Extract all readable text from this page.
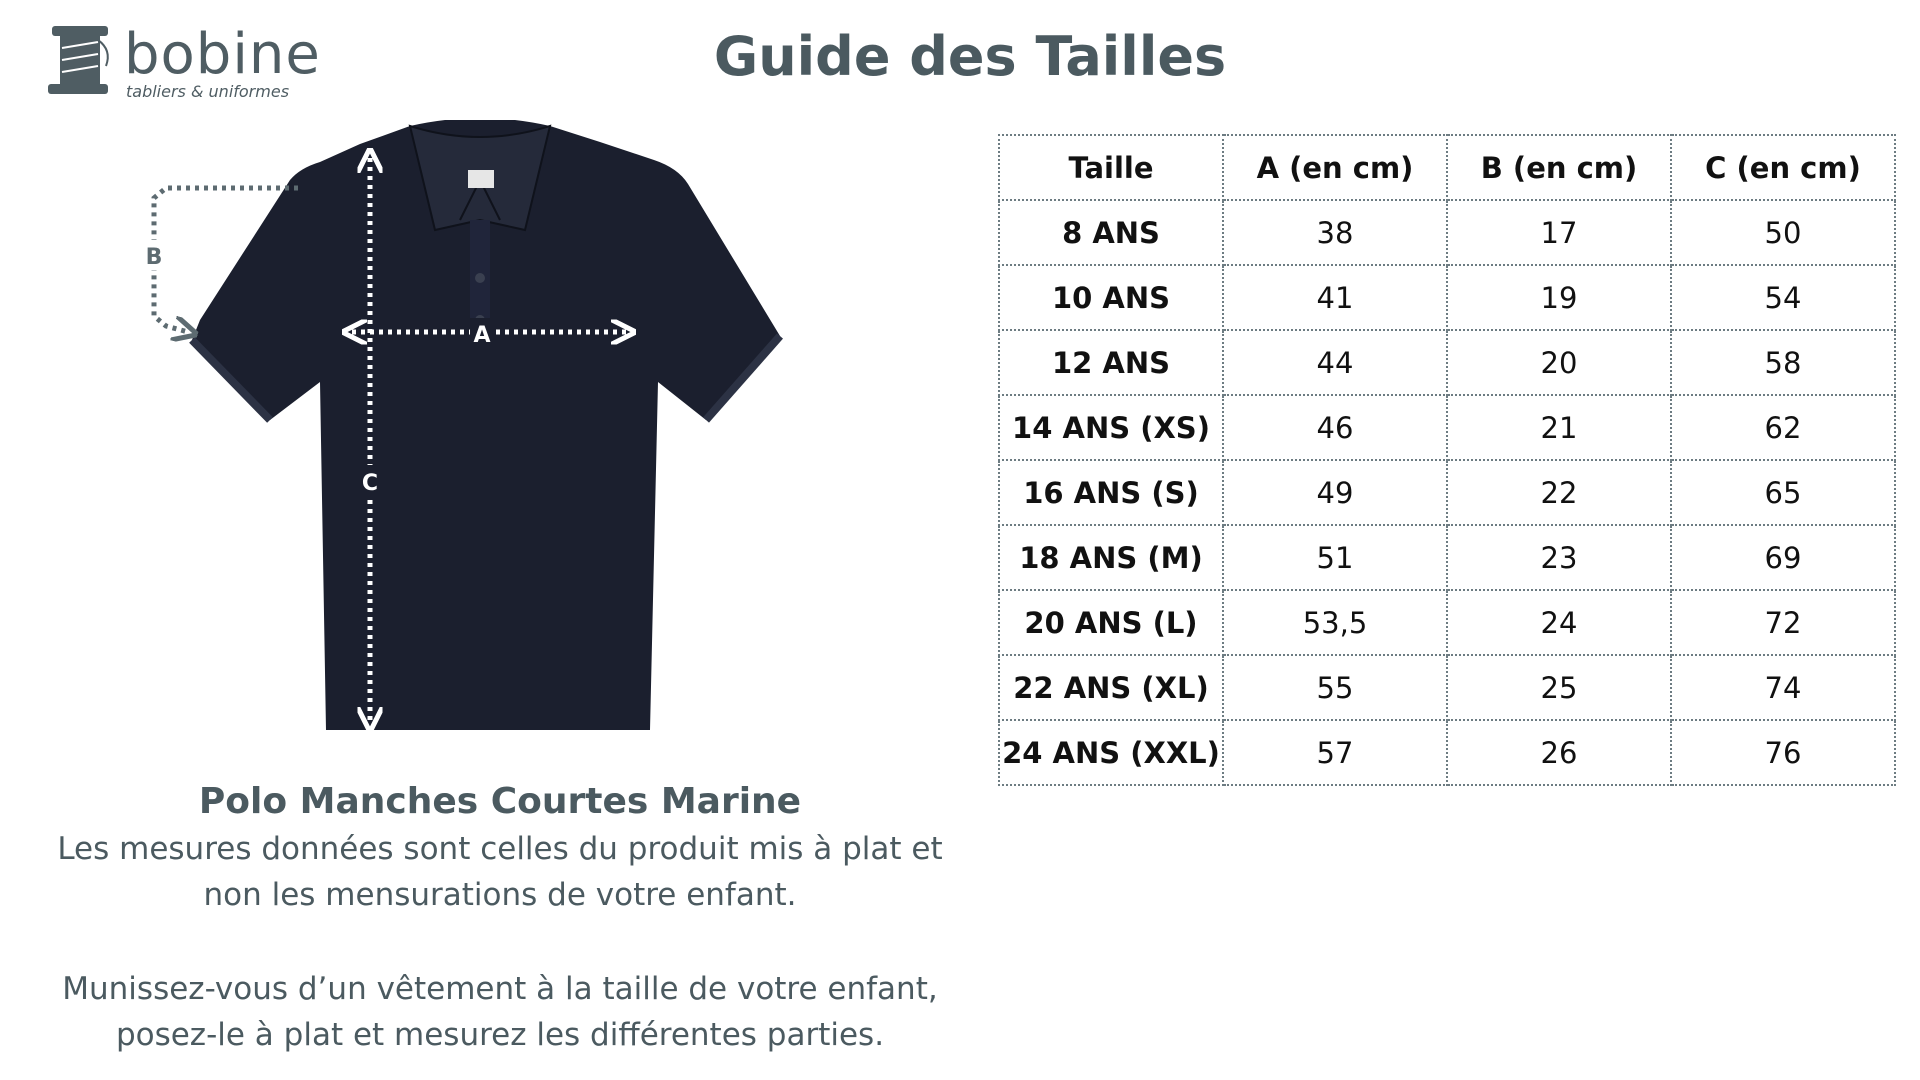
bobine
tabliers & uniformes
Guide des Tailles
A
C
B
Polo Manches Courtes Marine
Les mesures données sont celles du produit mis à plat et
non les mensurations de votre enfant.
Munissez-vous d’un vêtement à la taille de votre enfant,
posez-le à plat et mesurez les différentes parties.
Taille	A (en cm)	B (en cm)	C (en cm)
8 ANS	38	17	50
10 ANS	41	19	54
12 ANS	44	20	58
14 ANS (XS)	46	21	62
16 ANS (S)	49	22	65
18 ANS (M)	51	23	69
20 ANS (L)	53,5	24	72
22 ANS (XL)	55	25	74
24 ANS (XXL)	57	26	76
